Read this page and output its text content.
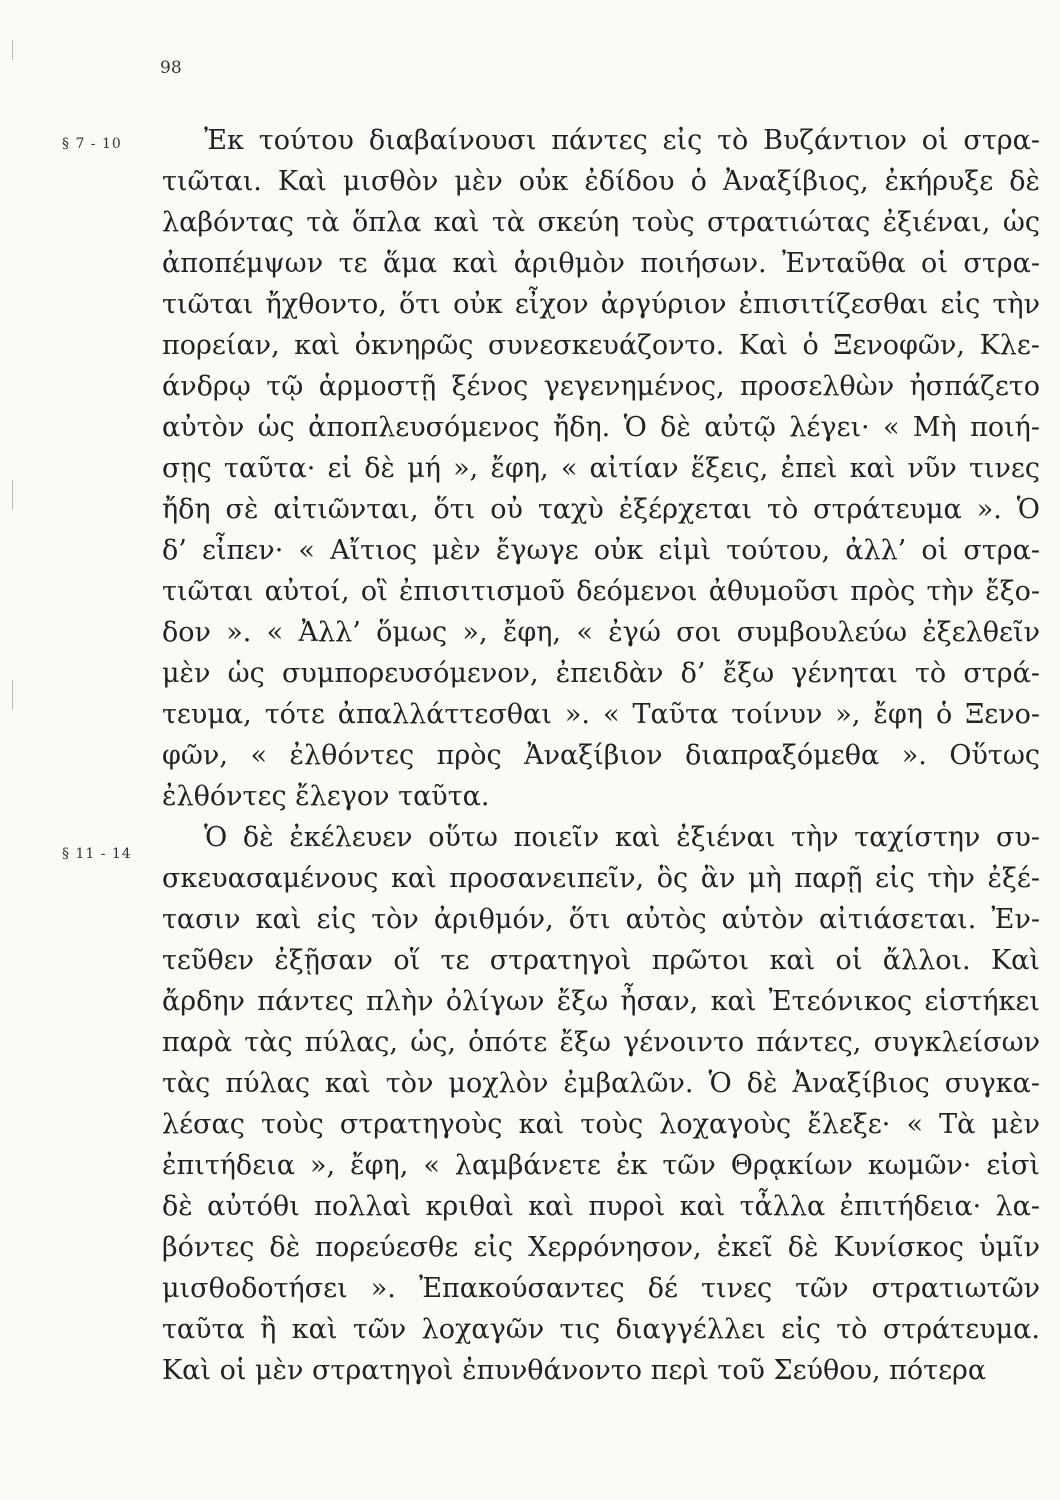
98
§ 7 - 10
§ 11 - 14
Ἐκ τούτου διαβαίνουσι πάντες εἰς τὸ Βυζάντιον οἱ στρα-
τιῶται. Καὶ μισθὸν μὲν οὐκ ἐδίδου ὁ Ἀναξίβιος, ἐκήρυξε δὲ
λαβόντας τὰ ὅπλα καὶ τὰ σκεύη τοὺς στρατιώτας ἐξιέναι, ὡς
ἀποπέμψων τε ἅμα καὶ ἀριθμὸν ποιήσων. Ἐνταῦθα οἱ στρα-
τιῶται ἤχθοντο, ὅτι οὐκ εἶχον ἀργύριον ἐπισιτίζεσθαι εἰς τὴν
πορείαν, καὶ ὀκνηρῶς συνεσκευάζοντο. Καὶ ὁ Ξενοφῶν, Κλε-
άνδρῳ τῷ ἁρμοστῇ ξένος γεγενημένος, προσελθὼν ἠσπάζετο
αὐτὸν ὡς ἀποπλευσόμενος ἤδη. Ὁ δὲ αὐτῷ λέγει· « Μὴ ποιή-
σῃς ταῦτα· εἰ δὲ μή », ἔφη, « αἰτίαν ἕξεις, ἐπεὶ καὶ νῦν τινες
ἤδη σὲ αἰτιῶνται, ὅτι οὐ ταχὺ ἐξέρχεται τὸ στράτευμα ». Ὁ
δ’ εἶπεν· « Αἴτιος μὲν ἔγωγε οὐκ εἰμὶ τούτου, ἀλλ’ οἱ στρα-
τιῶται αὐτοί, οἳ ἐπισιτισμοῦ δεόμενοι ἀθυμοῦσι πρὸς τὴν ἔξο-
δον ». « Ἀλλ’ ὅμως », ἔφη, « ἐγώ σοι συμβουλεύω ἐξελθεῖν
μὲν ὡς συμπορευσόμενον, ἐπειδὰν δ’ ἔξω γένηται τὸ στρά-
τευμα, τότε ἀπαλλάττεσθαι ». « Ταῦτα τοίνυν », ἔφη ὁ Ξενο-
φῶν, « ἐλθόντες πρὸς Ἀναξίβιον διαπραξόμεθα ». Οὕτως
ἐλθόντες ἔλεγον ταῦτα.
Ὁ δὲ ἐκέλευεν οὕτω ποιεῖν καὶ ἐξιέναι τὴν ταχίστην συ-
σκευασαμένους καὶ προσανειπεῖν, ὃς ἂν μὴ παρῇ εἰς τὴν ἐξέ-
τασιν καὶ εἰς τὸν ἀριθμόν, ὅτι αὐτὸς αὑτὸν αἰτιάσεται. Ἐν-
τεῦθεν ἐξῇσαν οἵ τε στρατηγοὶ πρῶτοι καὶ οἱ ἄλλοι. Καὶ
ἄρδην πάντες πλὴν ὀλίγων ἔξω ἦσαν, καὶ Ἐτεόνικος εἱστήκει
παρὰ τὰς πύλας, ὡς, ὁπότε ἔξω γένοιντο πάντες, συγκλείσων
τὰς πύλας καὶ τὸν μοχλὸν ἐμβαλῶν. Ὁ δὲ Ἀναξίβιος συγκα-
λέσας τοὺς στρατηγοὺς καὶ τοὺς λοχαγοὺς ἔλεξε· « Τὰ μὲν
ἐπιτήδεια », ἔφη, « λαμβάνετε ἐκ τῶν Θρᾳκίων κωμῶν· εἰσὶ
δὲ αὐτόθι πολλαὶ κριθαὶ καὶ πυροὶ καὶ τἆλλα ἐπιτήδεια· λα-
βόντες δὲ πορεύεσθε εἰς Χερρόνησον, ἐκεῖ δὲ Κυνίσκος ὑμῖν
μισθοδοτήσει ». Ἐπακούσαντες δέ τινες τῶν στρατιωτῶν
ταῦτα ἢ καὶ τῶν λοχαγῶν τις διαγγέλλει εἰς τὸ στράτευμα.
Καὶ οἱ μὲν στρατηγοὶ ἐπυνθάνοντο περὶ τοῦ Σεύθου, πότερα
